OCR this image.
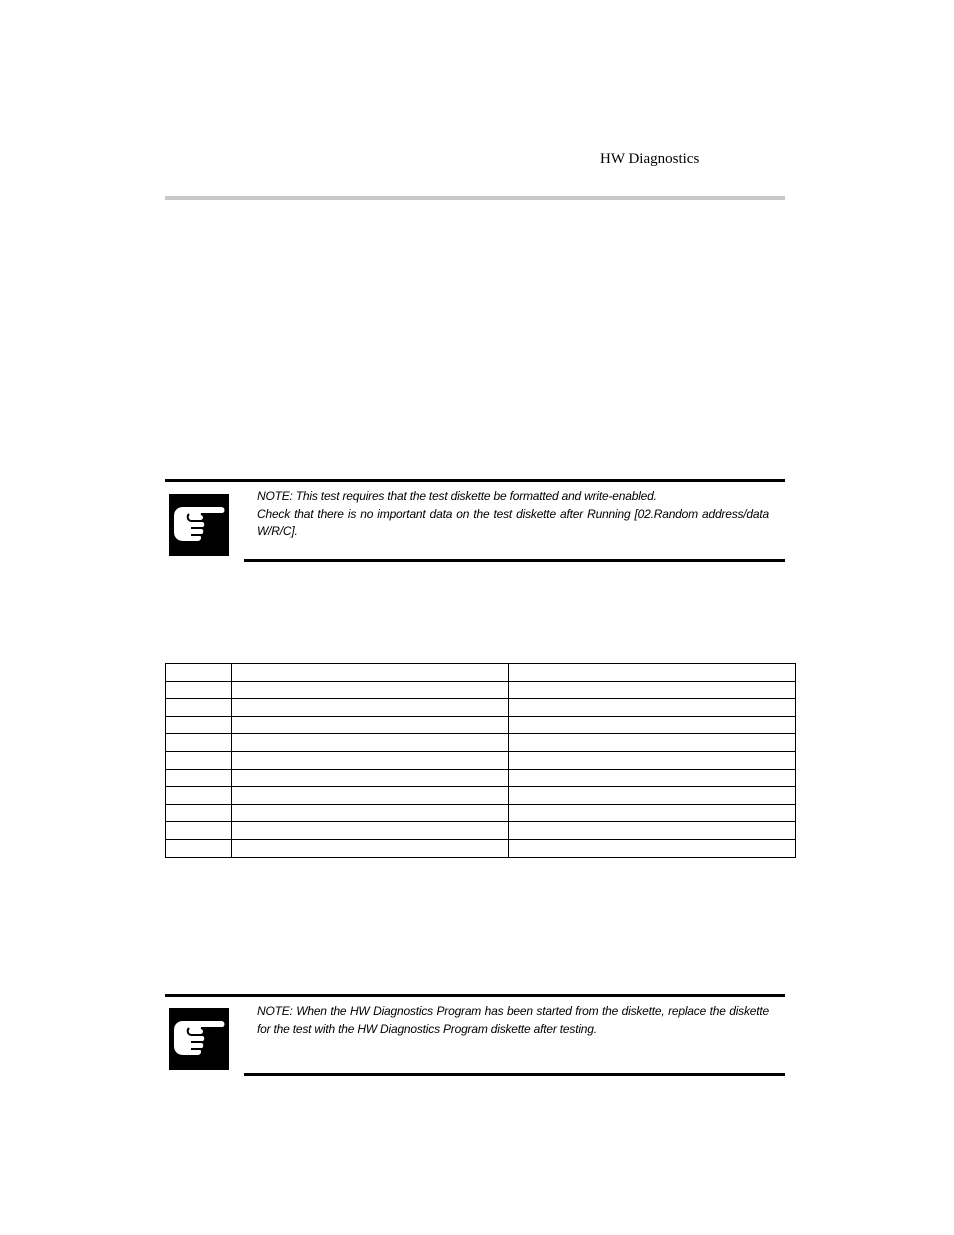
HW Diagnostics

NOTE: This test requires that the test diskette be formatted and write-enabled.

Check that there is no important data on the test diskette after Running [02.Random address/data W/R/C].

NOTE: When the HW Diagnostics Program has been started from the diskette, replace the diskette for the test with the HW Diagnostics Program diskette after testing.
